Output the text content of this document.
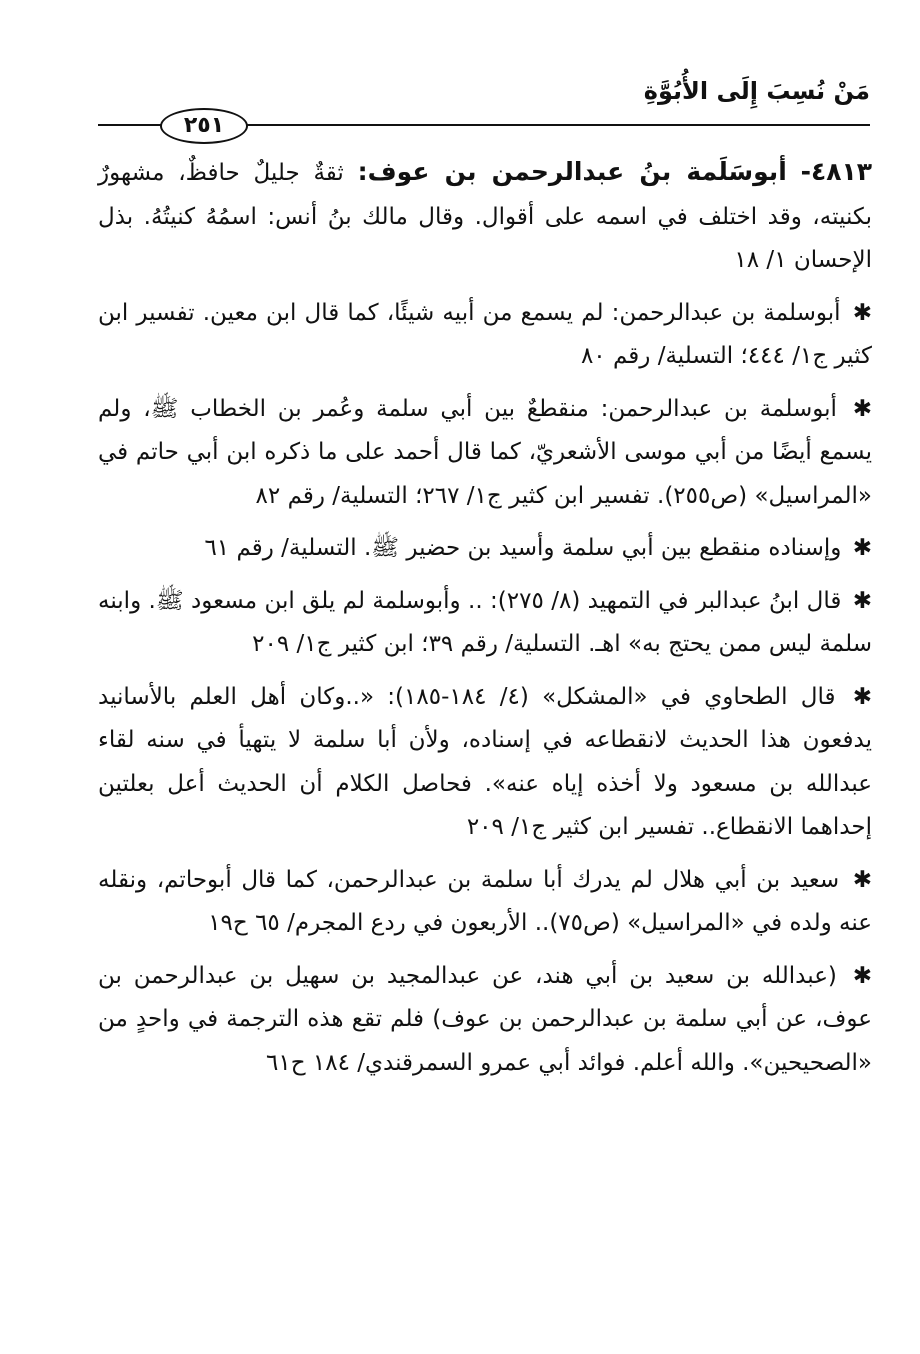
مَنْ نُسِبَ إِلَى الأُبُوَّةِ
٢٥١

٤٨١٣- أبوسَلَمة بنُ عبدالرحمن بن عوف: ثقةٌ جليلٌ حافظٌ، مشهورٌ بكنيته، وقد اختلف في اسمه على أقوال. وقال مالك بنُ أنس: اسمُهُ كنيتُهُ. بذل الإحسان ١/ ١٨

✱ أبوسلمة بن عبدالرحمن: لم يسمع من أبيه شيئًا، كما قال ابن معين. تفسير ابن كثير ج١/ ٤٤٤؛ التسلية/ رقم ٨٠

✱ أبوسلمة بن عبدالرحمن: منقطعٌ بين أبي سلمة وعُمر بن الخطاب ﷺ، ولم يسمع أيضًا من أبي موسى الأشعريّ، كما قال أحمد على ما ذكره ابن أبي حاتم في «المراسيل» (ص٢٥٥). تفسير ابن كثير ج١/ ٢٦٧؛ التسلية/ رقم ٨٢

✱ وإسناده منقطع بين أبي سلمة وأسيد بن حضير ﷺ. التسلية/ رقم ٦١

✱ قال ابنُ عبدالبر في التمهيد (٨/ ٢٧٥): .. وأبوسلمة لم يلق ابن مسعود ﷺ. وابنه سلمة ليس ممن يحتج به» اهـ. التسلية/ رقم ٣٩؛ ابن كثير ج١/ ٢٠٩

✱ قال الطحاوي في «المشكل» (٤/ ١٨٤-١٨٥): «..وكان أهل العلم بالأسانيد يدفعون هذا الحديث لانقطاعه في إسناده، ولأن أبا سلمة لا يتهيأ في سنه لقاء عبدالله بن مسعود ولا أخذه إياه عنه». فحاصل الكلام أن الحديث أعل بعلتين إحداهما الانقطاع.. تفسير ابن كثير ج١/ ٢٠٩

✱ سعيد بن أبي هلال لم يدرك أبا سلمة بن عبدالرحمن، كما قال أبوحاتم، ونقله عنه ولده في «المراسيل» (ص٧٥).. الأربعون في ردع المجرم/ ٦٥ ح١٩

✱ (عبدالله بن سعيد بن أبي هند، عن عبدالمجيد بن سهيل بن عبدالرحمن بن عوف، عن أبي سلمة بن عبدالرحمن بن عوف) فلم تقع هذه الترجمة في واحدٍ من «الصحيحين». والله أعلم. فوائد أبي عمرو السمرقندي/ ١٨٤ ح٦١
